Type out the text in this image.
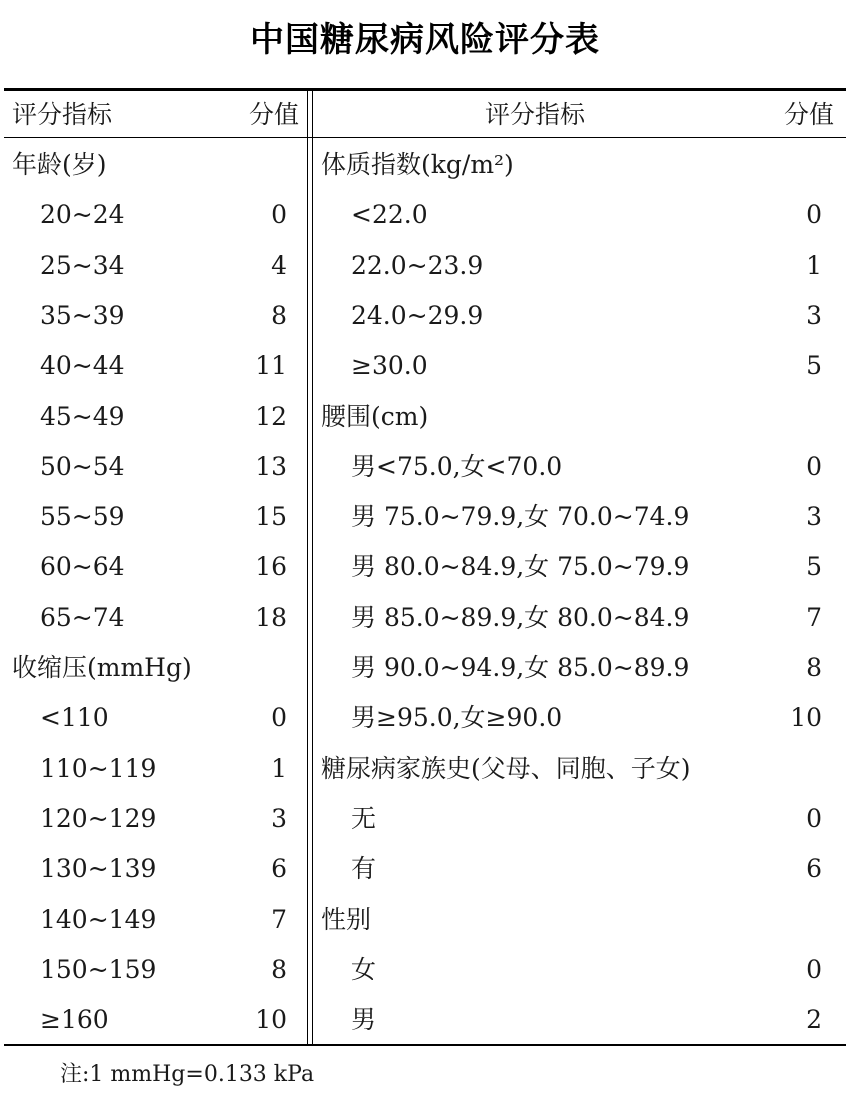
中国糖尿病风险评分表
评分指标	分值
年龄(岁)
20~24	0
25~34	4
35~39	8
40~44	11
45~49	12
50~54	13
55~59	15
60~64	16
65~74	18
收缩压(mmHg)
<110	0
110~119	1
120~129	3
130~139	6
140~149	7
150~159	8
≥160	10
评分指标	分值
体质指数(kg/m²)
<22.0	0
22.0~23.9	1
24.0~29.9	3
≥30.0	5
腰围(cm)
男<75.0,女<70.0	0
男 75.0~79.9,女 70.0~74.9	3
男 80.0~84.9,女 75.0~79.9	5
男 85.0~89.9,女 80.0~84.9	7
男 90.0~94.9,女 85.0~89.9	8
男≥95.0,女≥90.0	10
糖尿病家族史(父母、同胞、子女)
无	0
有	6
性别
女	0
男	2
注:1 mmHg=0.133 kPa
